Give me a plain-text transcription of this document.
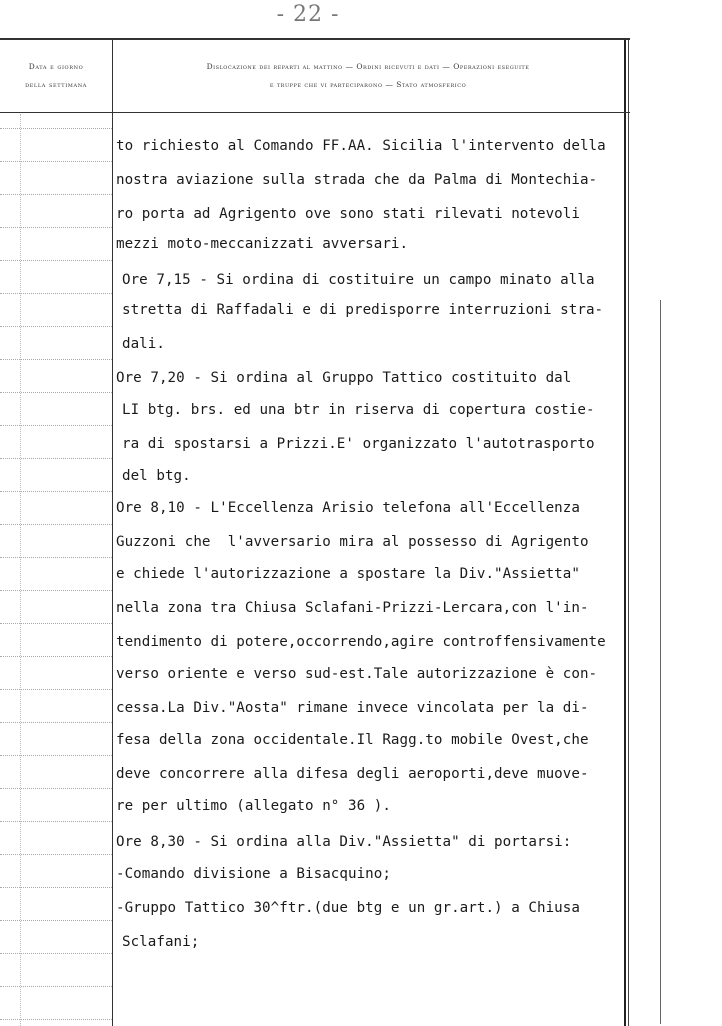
- 22 -
Data e giorno
della settimana
Dislocazione dei reparti al mattino — Ordini ricevuti e dati — Operazioni eseguite
e truppe che vi parteciparono — Stato atmosferico
to richiesto al Comando FF.AA. Sicilia l'intervento della
nostra aviazione sulla strada che da Palma di Montechia-
ro porta ad Agrigento ove sono stati rilevati notevoli
mezzi moto-meccanizzati avversari.
Ore 7,15 - Si ordina di costituire un campo minato alla
stretta di Raffadali e di predisporre interruzioni stra-
dali.
Ore 7,20 - Si ordina al Gruppo Tattico costituito dal
LI btg. brs. ed una btr in riserva di copertura costie-
ra di spostarsi a Prizzi.E' organizzato l'autotrasporto
del btg.
Ore 8,10 - L'Eccellenza Arisio telefona all'Eccellenza
Guzzoni che  l'avversario mira al possesso di Agrigento
e chiede l'autorizzazione a spostare la Div."Assietta"
nella zona tra Chiusa Sclafani-Prizzi-Lercara,con l'in-
tendimento di potere,occorrendo,agire controffensivamente
verso oriente e verso sud-est.Tale autorizzazione è con-
cessa.La Div."Aosta" rimane invece vincolata per la di-
fesa della zona occidentale.Il Ragg.to mobile Ovest,che
deve concorrere alla difesa degli aeroporti,deve muove-
re per ultimo (allegato n° 36 ).
Ore 8,30 - Si ordina alla Div."Assietta" di portarsi:
-Comando divisione a Bisacquino;
-Gruppo Tattico 30^ftr.(due btg e un gr.art.) a Chiusa
Sclafani;
